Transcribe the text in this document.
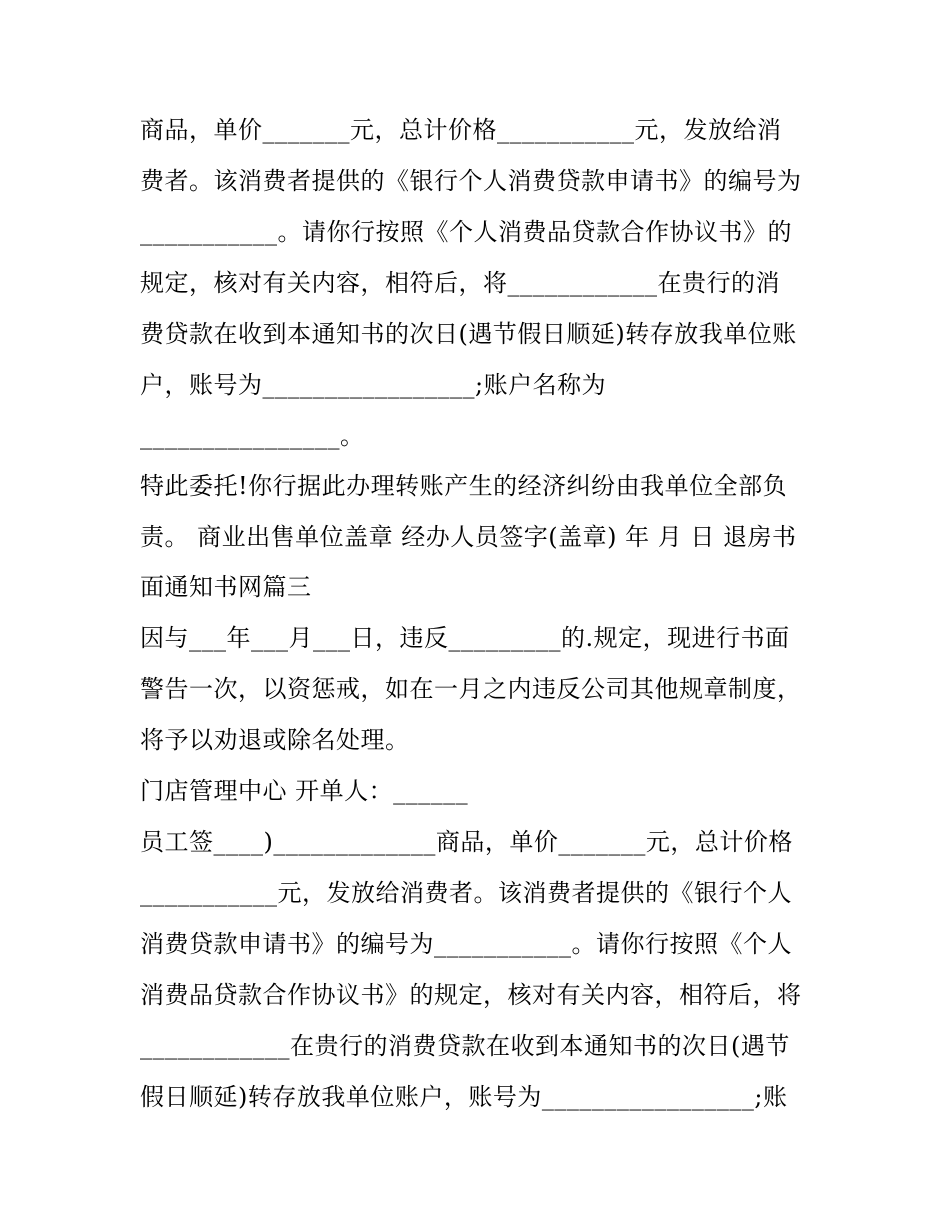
商品，单价_______元，总计价格___________元，发放给消
费者。该消费者提供的《银行个人消费贷款申请书》的编号为
___________。请你行按照《个人消费品贷款合作协议书》的
规定，核对有关内容，相符后，将____________在贵行的消
费贷款在收到本通知书的次日(遇节假日顺延)转存放我单位账
户，账号为_________________;账户名称为
________________。
特此委托!你行据此办理转账产生的经济纠纷由我单位全部负
责。 商业出售单位盖章 经办人员签字(盖章) 年 月 日 退房书
面通知书网篇三
因与___年___月___日，违反_________的.规定，现进行书面
警告一次，以资惩戒，如在一月之内违反公司其他规章制度，
将予以劝退或除名处理。
门店管理中心 开单人：______
员工签____)_____________商品，单价_______元，总计价格
___________元，发放给消费者。该消费者提供的《银行个人
消费贷款申请书》的编号为___________。请你行按照《个人
消费品贷款合作协议书》的规定，核对有关内容，相符后，将
____________在贵行的消费贷款在收到本通知书的次日(遇节
假日顺延)转存放我单位账户，账号为_________________;账
